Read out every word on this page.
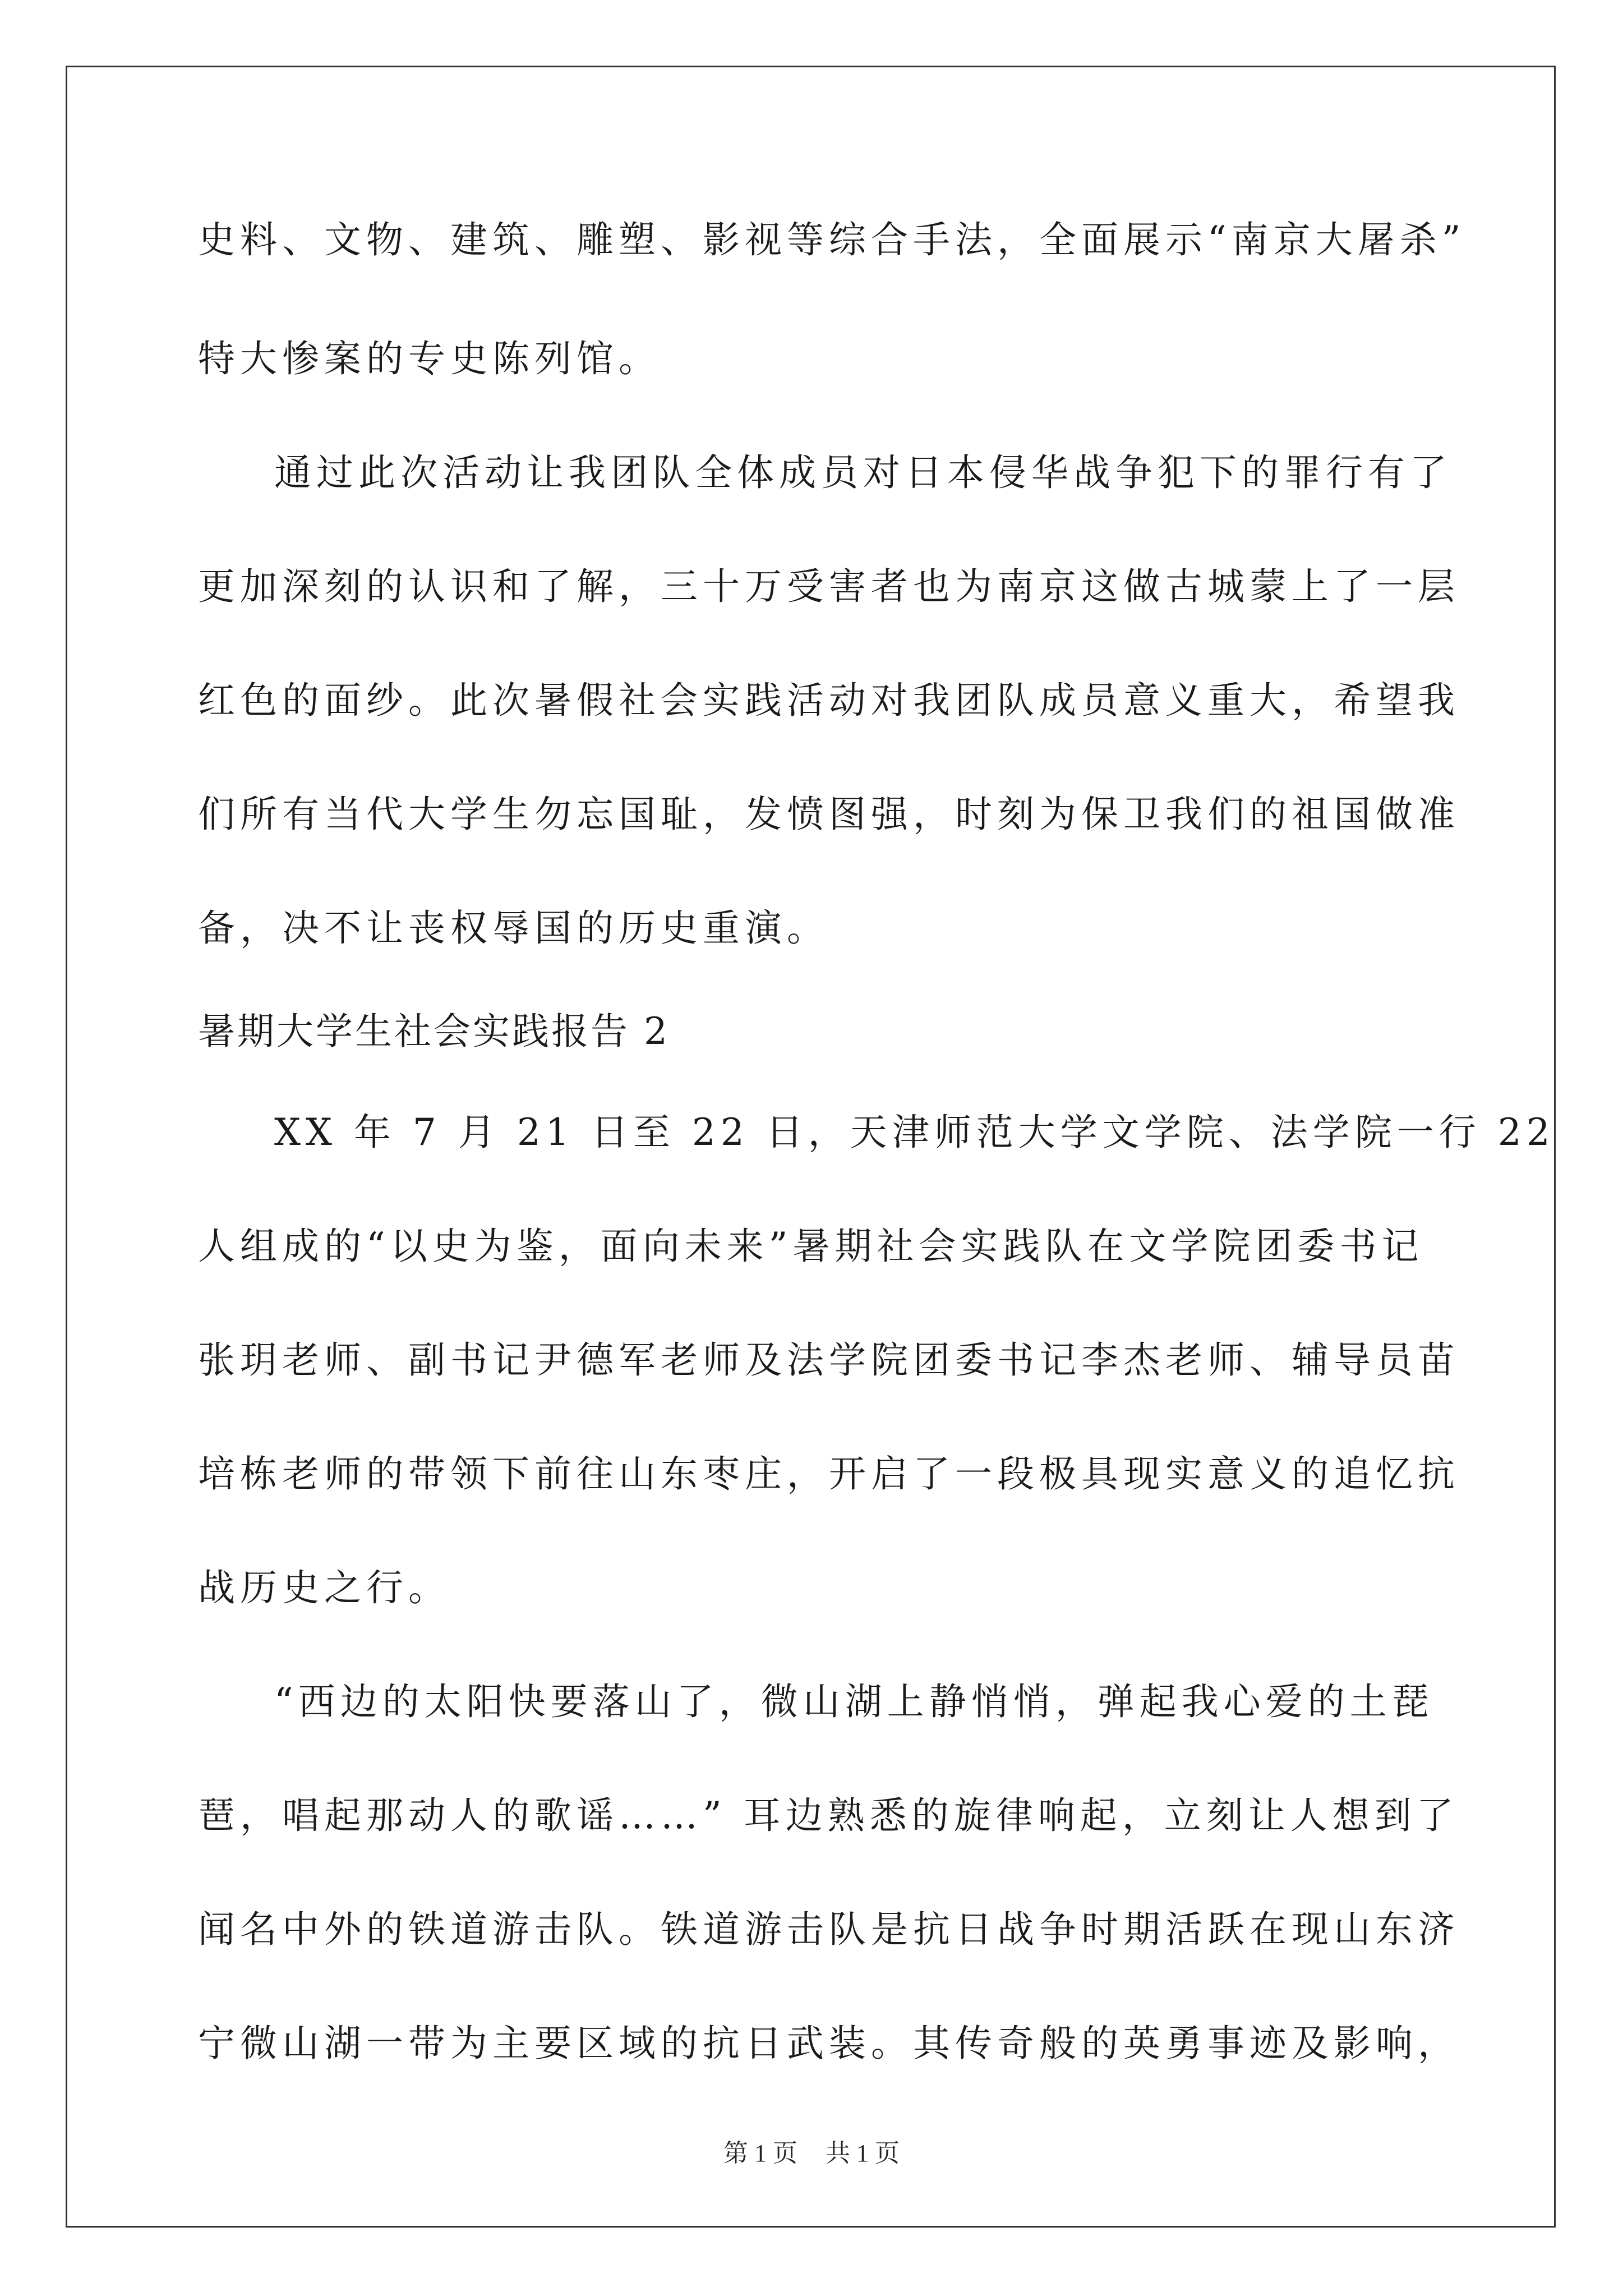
史料、文物、建筑、雕塑、影视等综合手法，全面展示“南京大屠杀”
特大惨案的专史陈列馆。
通过此次活动让我团队全体成员对日本侵华战争犯下的罪行有了
更加深刻的认识和了解，三十万受害者也为南京这做古城蒙上了一层
红色的面纱。此次暑假社会实践活动对我团队成员意义重大，希望我
们所有当代大学生勿忘国耻，发愤图强，时刻为保卫我们的祖国做准
备，决不让丧权辱国的历史重演。
暑期大学生社会实践报告 2
XX 年 7 月 21 日至 22 日，天津师范大学文学院、法学院一行 22
人组成的“以史为鉴，面向未来”暑期社会实践队在文学院团委书记
张玥老师、副书记尹德军老师及法学院团委书记李杰老师、辅导员苗
培栋老师的带领下前往山东枣庄，开启了一段极具现实意义的追忆抗
战历史之行。
“西边的太阳快要落山了，微山湖上静悄悄，弹起我心爱的土琵
琶，唱起那动人的歌谣……” 耳边熟悉的旋律响起，立刻让人想到了
闻名中外的铁道游击队。铁道游击队是抗日战争时期活跃在现山东济
宁微山湖一带为主要区域的抗日武装。其传奇般的英勇事迹及影响，
第 1 页 共 1 页
